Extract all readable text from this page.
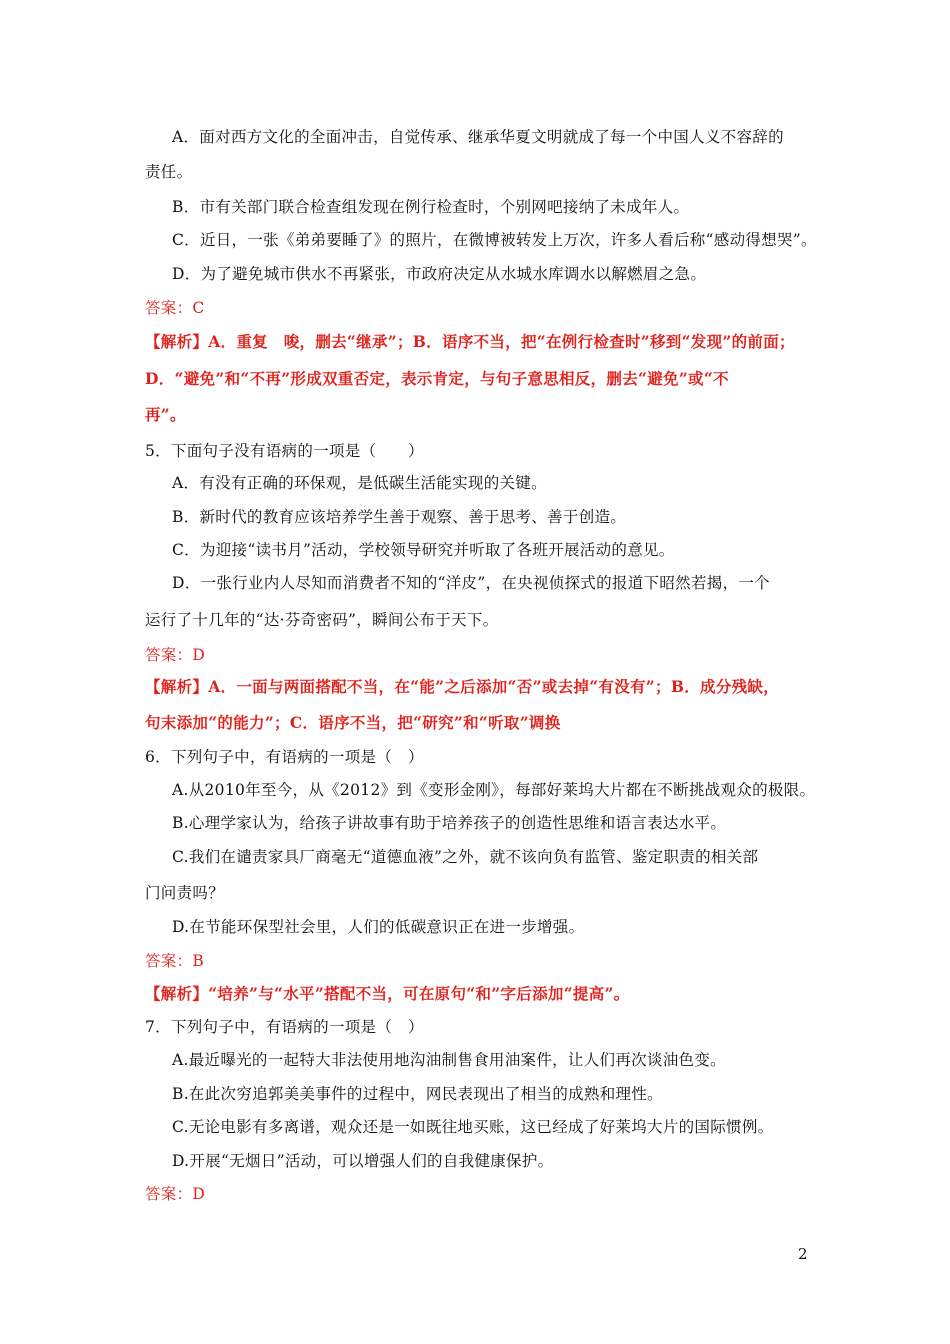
A．面对西方文化的全面冲击，自觉传承、继承华夏文明就成了每一个中国人义不容辞的
责任。
B．市有关部门联合检查组发现在例行检查时，个别网吧接纳了未成年人。
C．近日，一张《弟弟要睡了》的照片，在微博被转发上万次，许多人看后称“感动得想哭”。
D．为了避免城市供水不再紧张，市政府决定从水城水库调水以解燃眉之急。
答案：C
【解析】A．重复　唆，删去“继承”；B．语序不当，把“在例行检查时”移到“发现”的前面；
D．“避免”和“不再”形成双重否定，表示肯定，与句子意思相反，删去“避免”或“不
再”。
5．下面句子没有语病的一项是（　　）
A．有没有正确的环保观，是低碳生活能实现的关键。
B．新时代的教育应该培养学生善于观察、善于思考、善于创造。
C．为迎接“读书月”活动，学校领导研究并听取了各班开展活动的意见。
D．一张行业内人尽知而消费者不知的“洋皮”，在央视侦探式的报道下昭然若揭，一个
运行了十几年的“达·芬奇密码”，瞬间公布于天下。
答案：D
【解析】A．一面与两面搭配不当，在“能”之后添加“否”或去掉“有没有”；B．成分残缺，
句末添加“的能力”；C．语序不当，把“研究”和“听取”调换
6．下列句子中，有语病的一项是（　）
A.从2010年至今，从《2012》到《变形金刚》，每部好莱坞大片都在不断挑战观众的极限。
B.心理学家认为，给孩子讲故事有助于培养孩子的创造性思维和语言表达水平。
C.我们在谴责家具厂商毫无“道德血液”之外，就不该向负有监管、鉴定职责的相关部
门问责吗？
D.在节能环保型社会里，人们的低碳意识正在进一步增强。
答案：B
【解析】“培养”与“水平”搭配不当，可在原句“和”字后添加“提高”。
7．下列句子中，有语病的一项是（　）
A.最近曝光的一起特大非法使用地沟油制售食用油案件，让人们再次谈油色变。
B.在此次穷追郭美美事件的过程中，网民表现出了相当的成熟和理性。
C.无论电影有多离谱，观众还是一如既往地买账，这已经成了好莱坞大片的国际惯例。
D.开展“无烟日”活动，可以增强人们的自我健康保护。
答案：D
2
